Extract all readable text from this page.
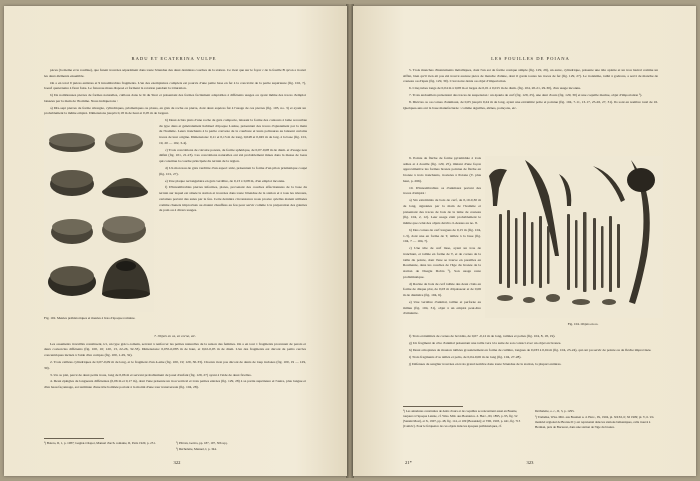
RADU ET ECATERINA VULPE

pèces (la meme et le rouillee), que furent trouvées séparément dans toute l'étendue des deux dernières couches de la station. Ce n'est que sur le foyer c de la fouille B qu'on a trouvé les deux éléments ensemble.

On a en total 9 pièces entières et 9 innombrables fragments. L'un des exemplaires complets est pourvu d'une petite base en fer à la concavité de la partie supérieure (fig. 102, 7), boeuf quaternaire à fleur faire. Le faisceau maus disposé et formant la rotation pendant la trituration.

b) De nombreuses pierres de formes naturelles, caillous dans le lit du Siret et présentant des formes facilement adaptables à différents usages ou ayant même des traces d'emploi laissées par la main de l'homme. Nous indiquerons :

a) Dix-sept pierres de forme allongée, cylindriques, prismatiques ou plates, en grès de roche ou pierre, dont deux espèces fut à l'usage de ces pierres (fig. 103, no. 3) et ayant un probablement la même emploi. Dimensions jusqu'à 0,18 m de haut et 0,05 m de largeur.

b) Deux éclats plats d'une roche de grès compacte, laissant la forme des contours à lame recourbée du type dans et généralement habituel d'époque Latène, présentant des traces d'ajustement par la main de l'homme. Leurs tranchants à la partie convexe de la courbure et leurs polissures au laissent certains traces de leur origine. Dimensions: 0,11 et 0,15 m de long, 0,048 et 0,045 m de larg. à la base (fig. 101, 19, 20 — 102, 3-4).

c) Trois concrétions de calcaire poreux, de forme sphérique, de 0,07-0,08 m de diam. et d'usage non défini (fig. 101, 21-23). Ces concrétions naturelles ont été probablement mises dans la masse de loess qui constitue la couche principale du terrain de la région.

d) Un morceau de grès verdâtre d'un aspect strié, présentant la forme d'un pilon prismatique coupé (fig. 101, 27).

e) Une plaque rectangulaire en grès verdâtre, de 0,13 x 0,08 m, d'un emploi inconnu.

f) D'innombrables pierres informes, plates, provenant des couches affectionnées de la base du terrain sur lequel est située la station et trouvées dans toute l'étendue de la station et à tous les niveaux, certaines portant des suies par le feu. Cette dernière circonstance nous prouve qu'elles étaient utilisées comme chenets improvisés ou étaient chauffées au feu pour servir comme à la préparation des galettes de pain ou à divers usages.

Fig. 102. Meules préhistoriques et meules à bras d'époque romaine.

7. Objets en os, en corne, etc.

Les ossements travaillés constituent, ici, un type gréco-romain, servant à renforcer les petites naturelles de la saison des femmes. On a en tout 1 fragments provenant de parois et deux couvercles différents (fig. 100, 16; 120, 13, 22-26, 32-33). Dimensions: 0,055-0,085 m de haut, et 0,02-0,05 m de diam. L'un des fragments est décoré de petits cercles concentriques incisés à l'aide d'un compas (fig. 100, 1-29, 32).

2. Trois caillées cylindriques de 0,07-0,09 m de long, et le fragment d'un 4-eme (fig. 100, 19; 129, 30-33). Chacun n'est pas décoré de dents de loup incisées (fig. 100, 19 — 129, 30).

3. Un os plat, percé de deux petits trous, long de 0,06 m et servant probablement de jouet d'enfant (fig. 129, 27) ayant à l'aide de deux ficelles.

4. Deux épingles de longueurs différentes (0,06 m et 0,17 m), dont l'une présente un trou vertical et trois petites entrées (fig. 129, 28) à sa partie supérieure et l'autre, plus longue et d'un beau façonnage, est terminée d'une tête bombée portant à la moitié d'une tour transversale (fig. 104, 28).

¹) Bolero, II, 1, p. 1087; Gagnat-Chapot, Manuel d'arch. romaine, II, Paris 1920, p. 251.	²) Pârvan, Getica, pp. 187, 197, 506 sqq.
³) Déchelette, Manuel, I, p. 344.
322
LES FOUILLES DE POIANA

5. Trois manches d'instruments métalliques, dont l'un est de forme conique simple (fig. 129, 29), un autre, cylindrique, présente une tête aplatie et un trou latéral comme un sifflet, bien qu'il n'en ait pas été trouvé aucune pièce de manche d'alène, dont il garde toutes les traces de fer (fig. 129, 27). Le troisième, taillé à godrons, a servi de manche de couteau ou d'épée (fig. 129, 30). C'est notre dents ou objet d'importation.

6. Cinq tubes longs de 0,04 m à 0,08 m et larges de 0,01 à 0,015 m de diam. (fig. 104, 20-21, 29-30), d'un usage inconnu.

7. Trois andouillers présentant des traces de suspension : un épaula de cerf (fig. 129, 25), une dent d'ours (fig. 129, 30) et une coquille marine, objet d'importation ³).

8. Dièvres os ou cornes d'animaux, de 0,05 jusqu'à 0,24 m de long, ayant une extrémité polie et pointue (fig. 104, 7-11, 13-17, 25-26, 27, 31). Ils sont en nombre total de 16. Quelques-uns ont la base manufacturée : comme aiguilles, alênes, poinçons, etc.

9. Pointe de flèche de forme pyramidale à trois arêtes et à douille (fig. 129, 25), imitant d'une façon approximative les formes bronze pointue de flèche en bronze à trois tranchants, trouvées à Poiana (V. plus haut, p. 266).

10. D'innombrables os d'animaux portant des traces d'emploi :

a) Six extrémités de bois de cerf, de 0,10-0,30 m de long, signalées par la main de l'homme et présentant des traces de bois de la lame de couteau (fig. 104, 2, 12). Leur usage était probablement le même que celui des objets décrits ci-dessus au no. 8.

b) Des cornes de cerf longues de 0,15 m (fig. 104, 1-3), dont une en forme de T, taillée à la base (fig. 104, 7 — 104, 7).

c) Une tête de cerf lisse, ayant un trou de tranchant, et taillée en forme de T, et de cornes de la taille du pointe, dont l'une se trouve en pareilles en Roumanie, dans les couches de l'âge du bronze de la station de Daagie Dobra ³), Son usage reste problématique.

d) Racine de bois de cerf taillée des deux côtés en forme de disque plat, de 0,03 m d'épaisseur et de 0,06 m de diamètre (fig. 104, 6).

e) Une vertèbre d'animal, taillée et perforée au milieu (fig. 104, 31), objet à un emploi peut-être d'amulette.

Fig. 104. Objets en os.

f) Trois extrémités de cornes de bovidés, de 0,07 -0,12 m de long, taillées et polies (fig. 104, 8, 18, 19).

g) Un fragment de côte d'animal présentant une taille vers à la suite de son contact avec un objet en bronze.

h) Deux omoplates de mouton taillées grossièrement en forme de cuillère, longues de 0,033 à 0,04 m (fig. 104, 23-24), qui ont pu servir de pointe ou de flèche improvisée.

i) Trois fragments d'os taillés et polis, de 0,04-0,06 m de long (fig. 104, 27-28).

j) Défenses de sanglier trouvées en trois grand nombre dans toute l'étendue de la station, la plupart entières.

¹) Les annelures construites de dents d'ours et de coquilles se rencontrent aussi en Bosnie, toujours à l'époque Latène, cf. Wiss. Mitt. aus Bosnien u. d. Herc., III, 1895, p. 95, fig. 52 (Sanski Most), et X, 1907, pp. 48, fig. 114, et 109 (Bosanski); et VIII, 1903, p. 441, fig. 713 (Canicic). Pour le fréquence de ces objets dans les époques préhistoriques, cf.
Déchelette, o. c., II, 3, p. 1295.
²) Truhelka, Wiss. Mitt. aus Bosnien u. d. Herc., IX, 1904, pl. XXXI, 6; XI 1909; pl. V, 6. Un matériel régional de Bronze II y est représenté dans les stations balkaniques, celle trouvé à Herman, près de Bucarest, dans une station de l'âge du bronze.
21*	323
